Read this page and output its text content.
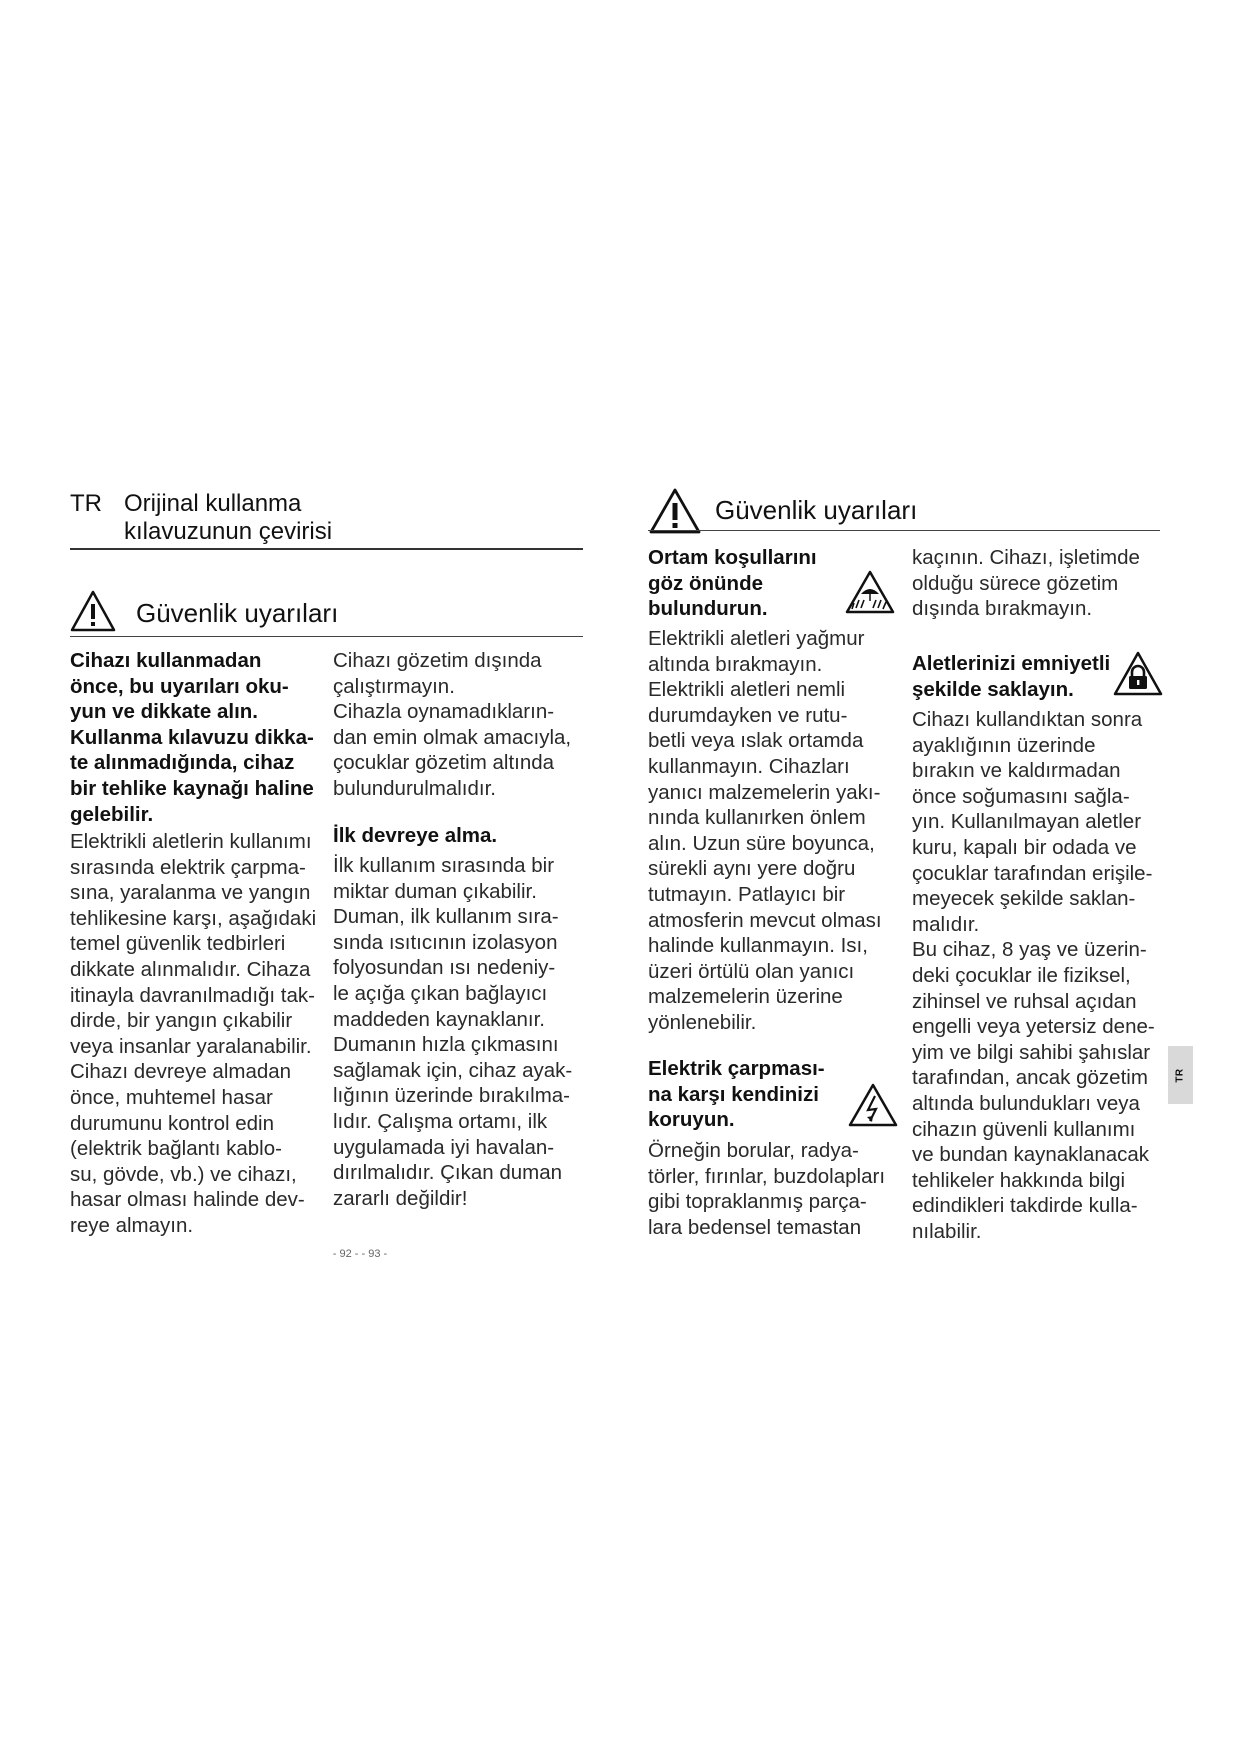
TR Orijinal kullanma
kılavuzunun çevirisi
Güvenlik uyarıları
Cihazı kullanmadan
önce, bu uyarıları oku-
yun ve dikkate alın.
Kullanma kılavuzu dikka-
te alınmadığında, cihaz
bir tehlike kaynağı haline
gelebilir.
Elektrikli aletlerin kullanımı
sırasında elektrik çarpma-
sına, yaralanma ve yangın
tehlikesine karşı, aşağıdaki
temel güvenlik tedbirleri
dikkate alınmalıdır. Cihaza
itinayla davranılmadığı tak-
dirde, bir yangın çıkabilir
veya insanlar yaralanabilir.
Cihazı devreye almadan
önce, muhtemel hasar
durumunu kontrol edin
(elektrik bağlantı kablo-
su, gövde, vb.) ve cihazı,
hasar olması halinde dev-
reye almayın.
Cihazı gözetim dışında
çalıştırmayın.
Cihazla oynamadıkların-
dan emin olmak amacıyla,
çocuklar gözetim altında
bulundurulmalıdır.
İlk devreye alma.
İlk kullanım sırasında bir
miktar duman çıkabilir.
Duman, ilk kullanım sıra-
sında ısıtıcının izolasyon
folyosundan ısı nedeniy-
le açığa çıkan bağlayıcı
maddeden kaynaklanır.
Dumanın hızla çıkmasını
sağlamak için, cihaz ayak-
lığının üzerinde bırakılma-
lıdır. Çalışma ortamı, ilk
uygulamada iyi havalan-
dırılmalıdır. Çıkan duman
zararlı değildir!
Güvenlik uyarıları
Ortam koşullarını
göz önünde
bulundurun.
Elektrikli aletleri yağmur
altında bırakmayın.
Elektrikli aletleri nemli
durumdayken ve rutu-
betli veya ıslak ortamda
kullanmayın. Cihazları
yanıcı malzemelerin yakı-
nında kullanırken önlem
alın. Uzun süre boyunca,
sürekli aynı yere doğru
tutmayın. Patlayıcı bir
atmosferin mevcut olması
halinde kullanmayın. Isı,
üzeri örtülü olan yanıcı
malzemelerin üzerine
yönlenebilir.
Elektrik çarpması-
na karşı kendinizi
koruyun.
Örneğin borular, radya-
törler, fırınlar, buzdolapları
gibi topraklanmış parça-
lara bedensel temastan
kaçının. Cihazı, işletimde
olduğu sürece gözetim
dışında bırakmayın.
Aletlerinizi emniyetli
şekilde saklayın.
Cihazı kullandıktan sonra
ayaklığının üzerinde
bırakın ve kaldırmadan
önce soğumasını sağla-
yın. Kullanılmayan aletler
kuru, kapalı bir odada ve
çocuklar tarafından erişile-
meyecek şekilde saklan-
malıdır.
Bu cihaz, 8 yaş ve üzerin-
deki çocuklar ile fiziksel,
zihinsel ve ruhsal açıdan
engelli veya yetersiz dene-
yim ve bilgi sahibi şahıslar
tarafından, ancak gözetim
altında bulundukları veya
cihazın güvenli kullanımı
ve bundan kaynaklanacak
tehlikeler hakkında bilgi
edindikleri takdirde kulla-
nılabilir.
TR
- 92 - - 93 -
